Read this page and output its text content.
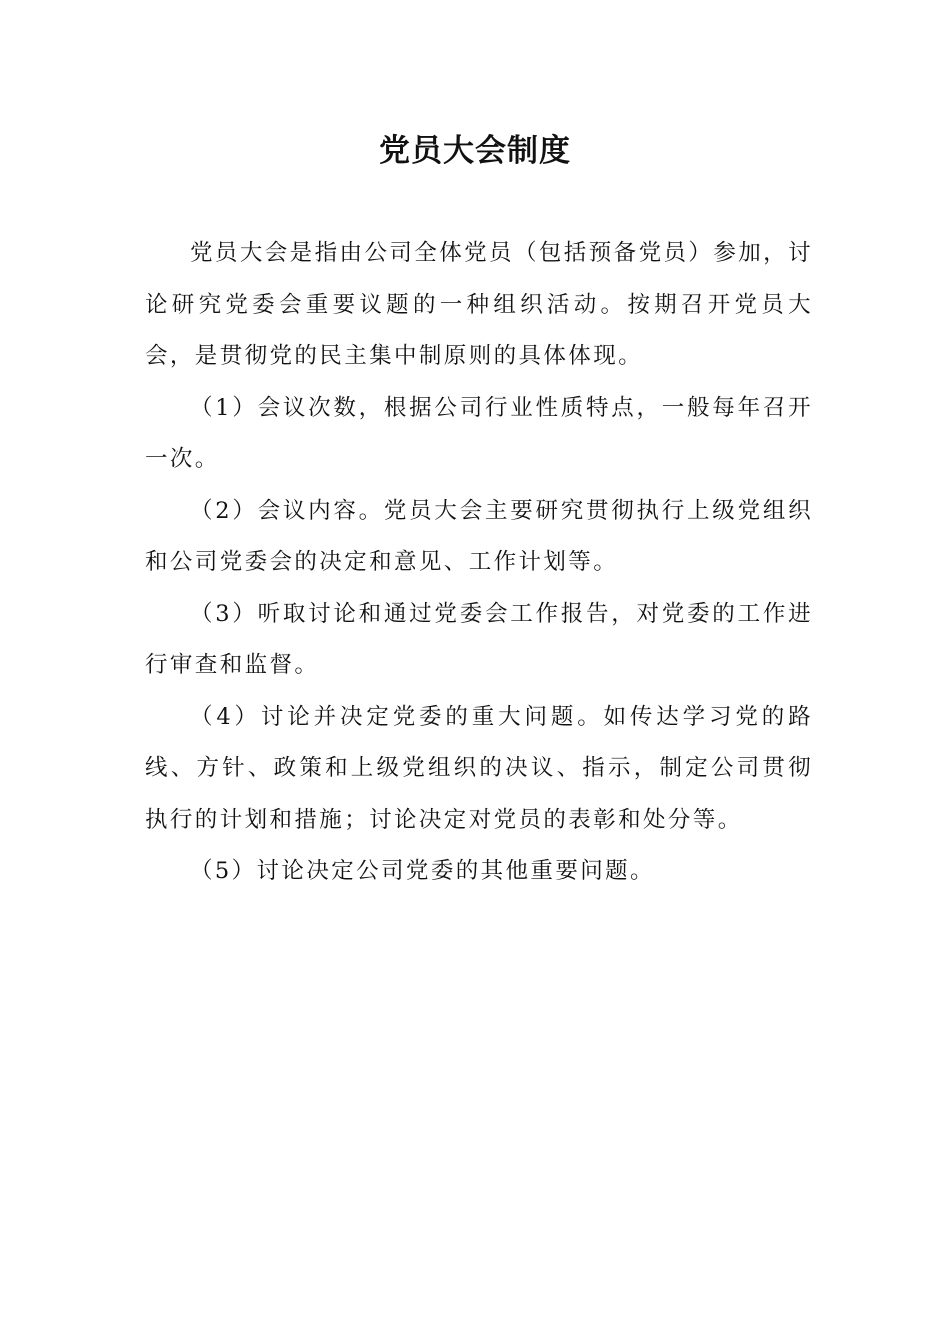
党员大会制度

党员大会是指由公司全体党员（包括预备党员）参加，讨论研究党委会重要议题的一种组织活动。按期召开党员大会，是贯彻党的民主集中制原则的具体体现。

（1）会议次数，根据公司行业性质特点，一般每年召开一次。

（2）会议内容。党员大会主要研究贯彻执行上级党组织和公司党委会的决定和意见、工作计划等。

（3）听取讨论和通过党委会工作报告，对党委的工作进行审查和监督。

（4）讨论并决定党委的重大问题。如传达学习党的路线、方针、政策和上级党组织的决议、指示，制定公司贯彻执行的计划和措施；讨论决定对党员的表彰和处分等。

（5）讨论决定公司党委的其他重要问题。
